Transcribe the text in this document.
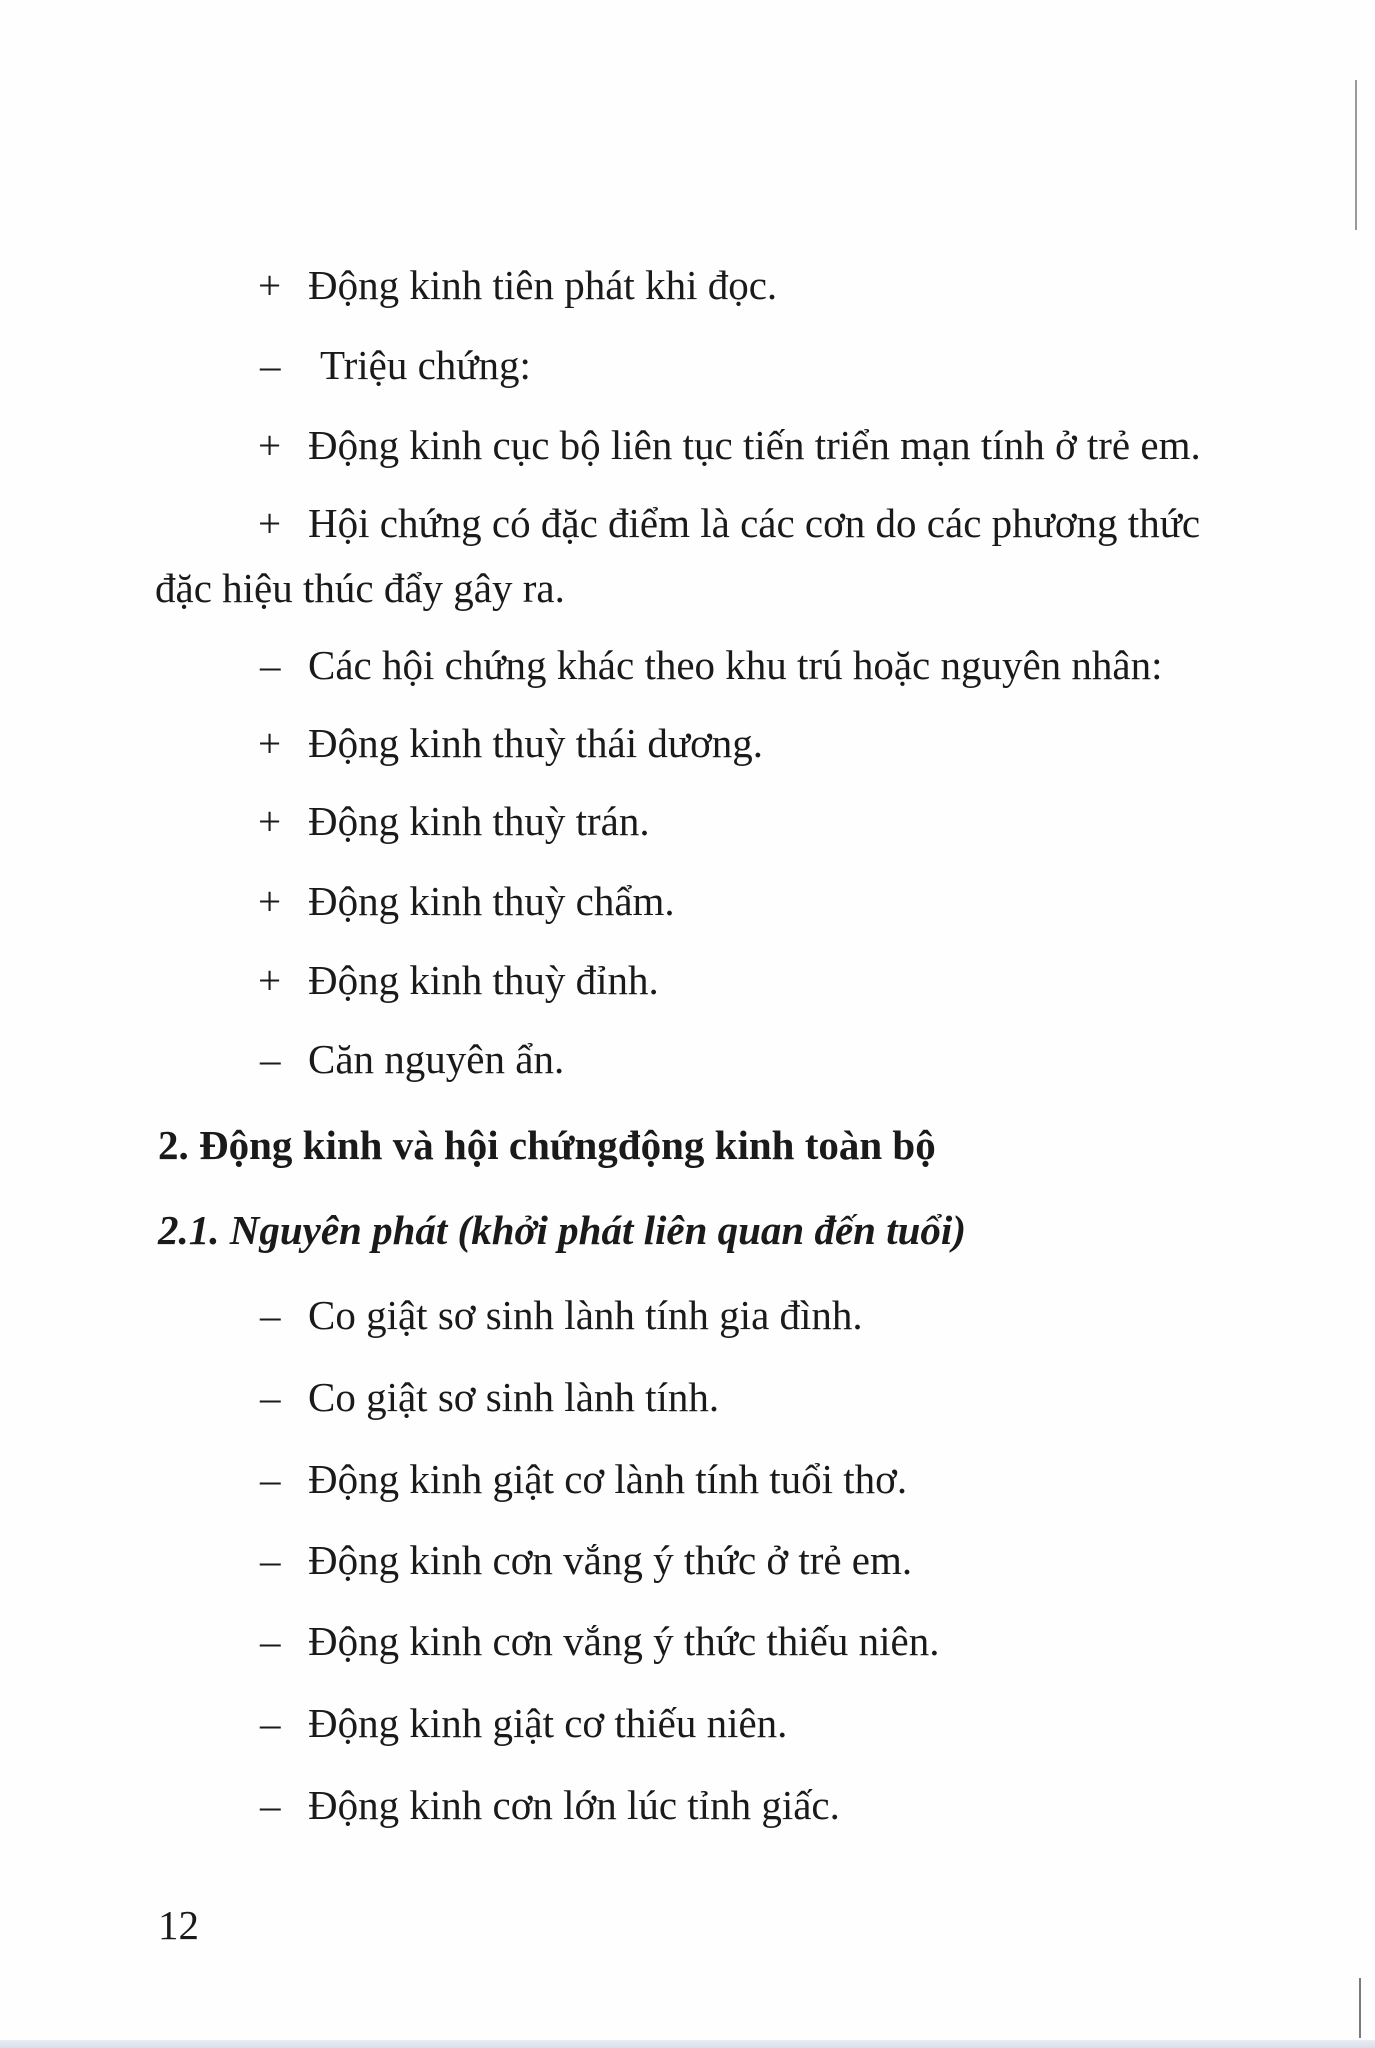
+ Động kinh tiên phát khi đọc.
– Triệu chứng:
+ Động kinh cục bộ liên tục tiến triển mạn tính ở trẻ em.
+ Hội chứng có đặc điểm là các cơn do các phương thức
đặc hiệu thúc đẩy gây ra.
– Các hội chứng khác theo khu trú hoặc nguyên nhân:
+ Động kinh thuỳ thái dương.
+ Động kinh thuỳ trán.
+ Động kinh thuỳ chẩm.
+ Động kinh thuỳ đỉnh.
– Căn nguyên ẩn.
2. Động kinh và hội chứngđộng kinh toàn bộ
2.1. Nguyên phát (khởi phát liên quan đến tuổi)
– Co giật sơ sinh lành tính gia đình.
– Co giật sơ sinh lành tính.
– Động kinh giật cơ lành tính tuổi thơ.
– Động kinh cơn vắng ý thức ở trẻ em.
– Động kinh cơn vắng ý thức thiếu niên.
– Động kinh giật cơ thiếu niên.
– Động kinh cơn lớn lúc tỉnh giấc.
12
